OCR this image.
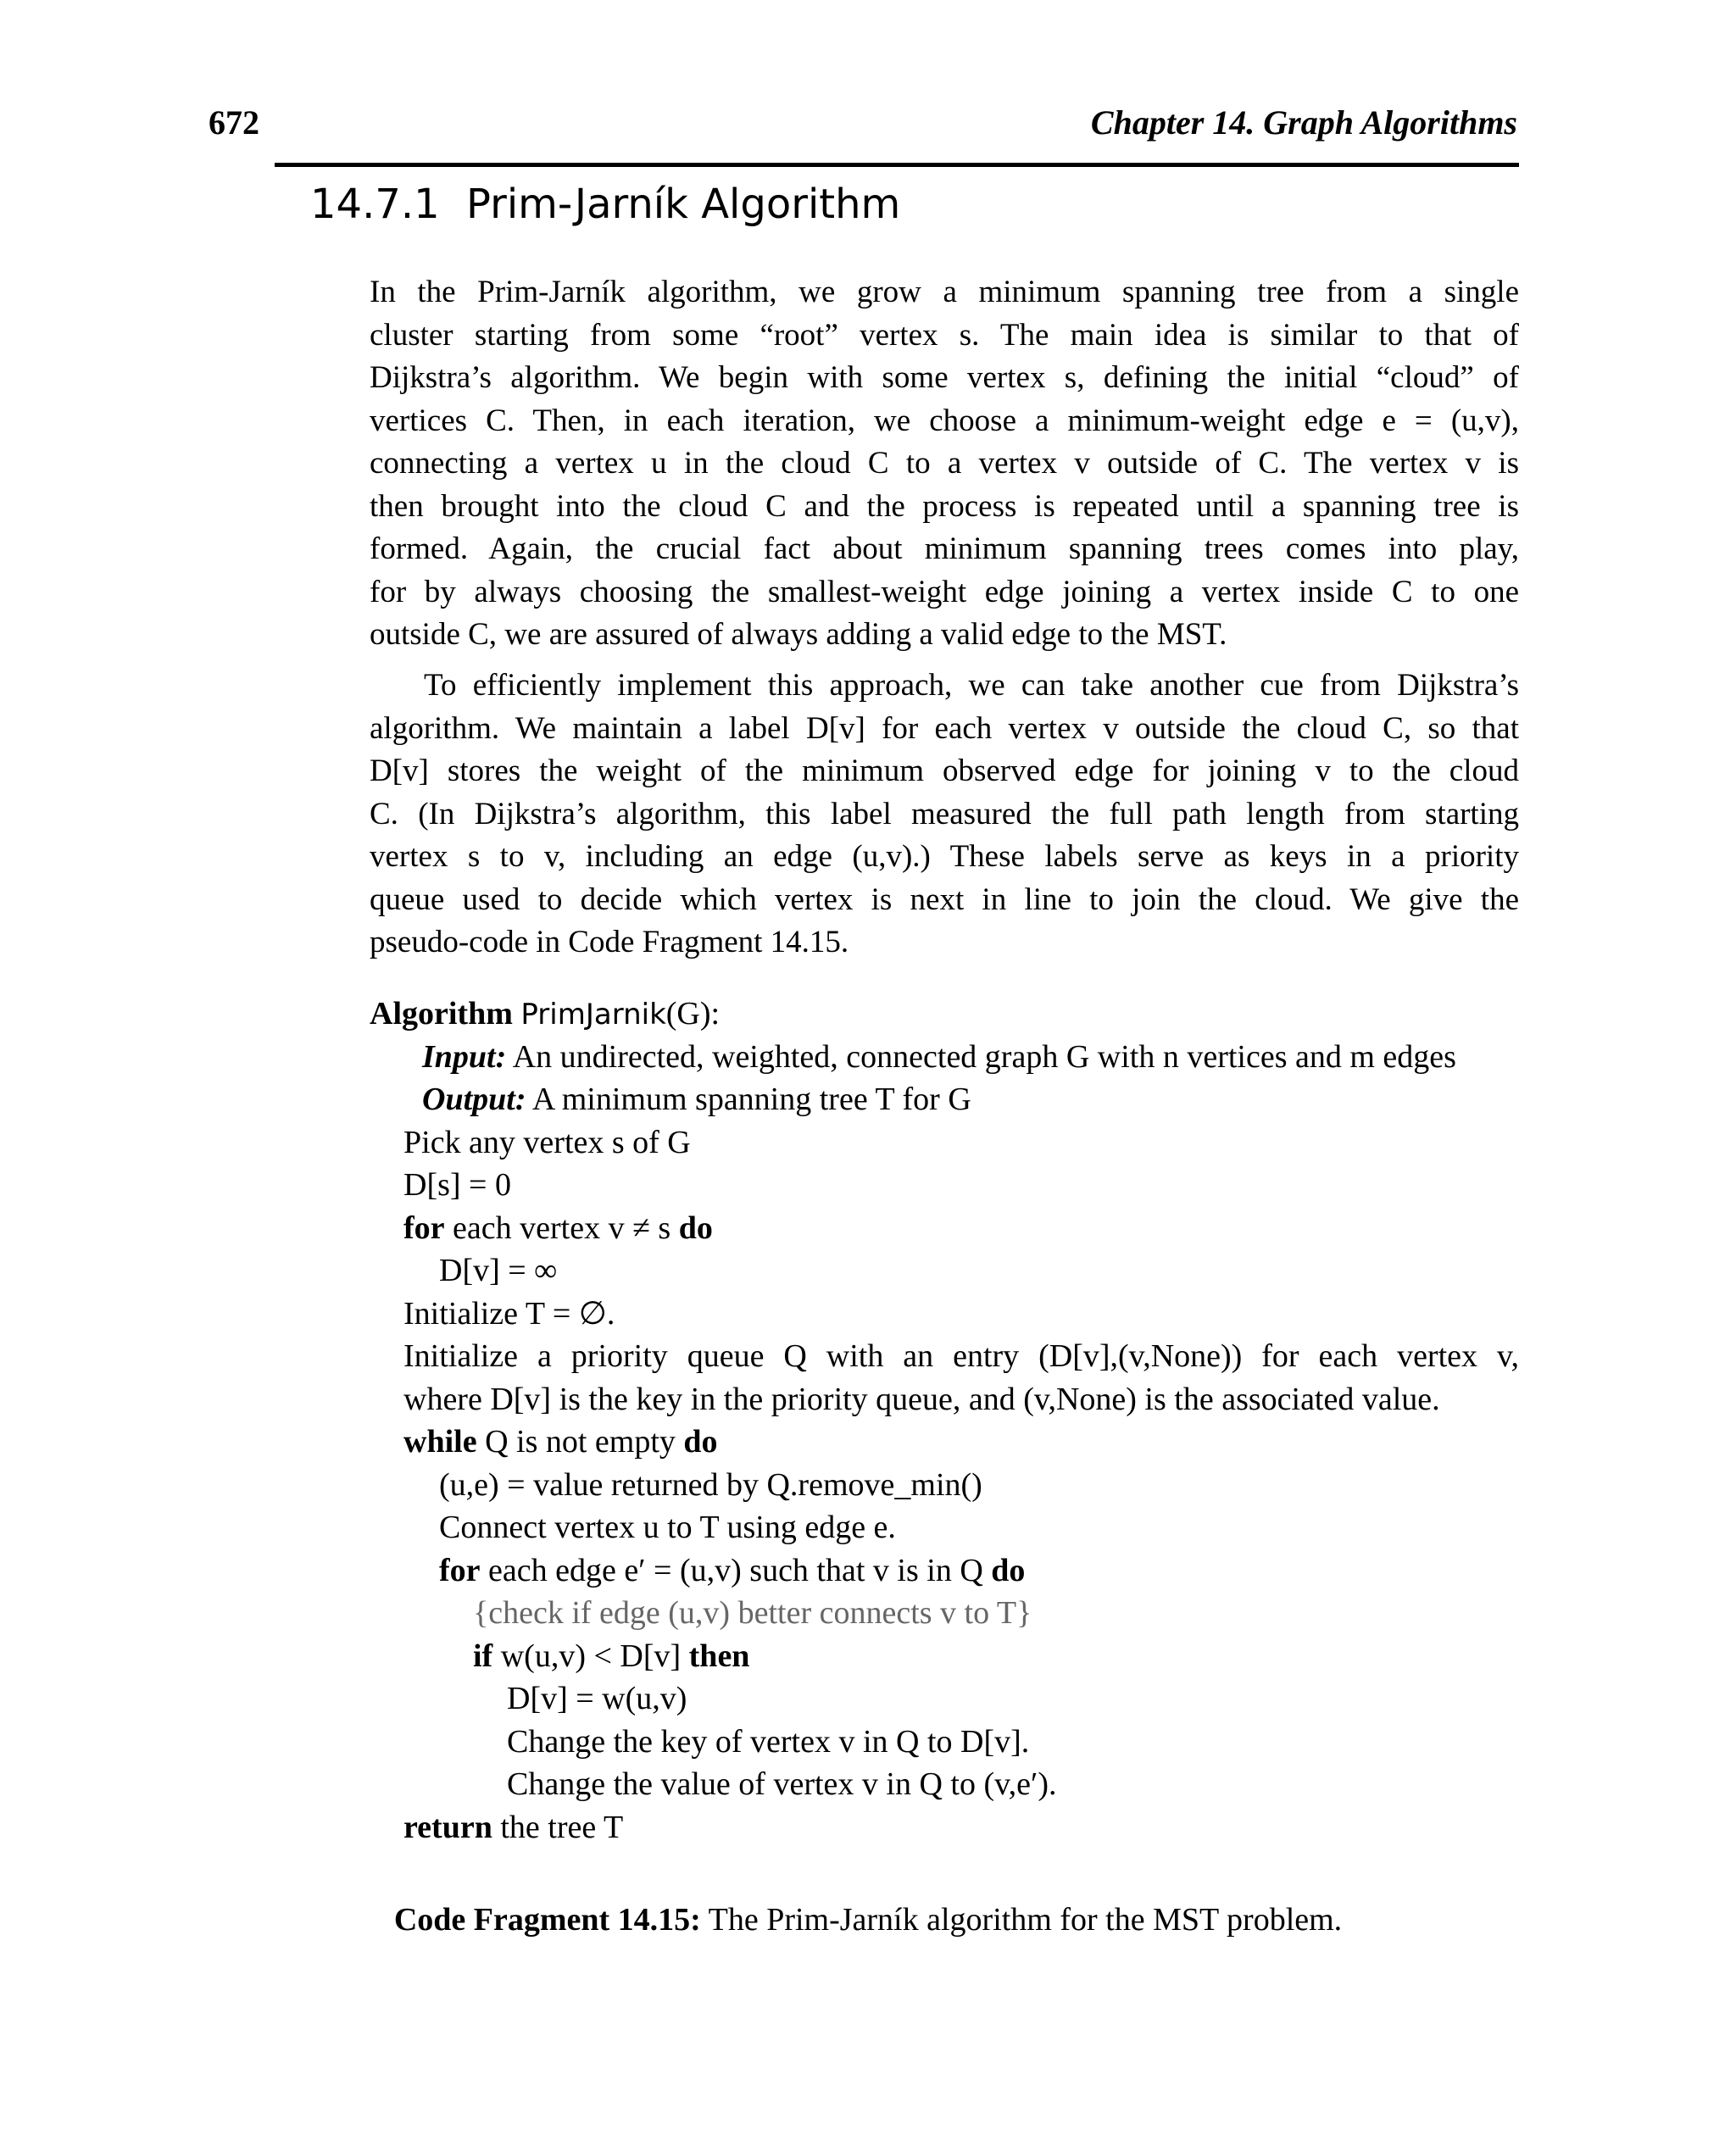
672	Chapter 14. Graph Algorithms
14.7.1 Prim-Jarník Algorithm
In the Prim-Jarník algorithm, we grow a minimum spanning tree from a single
cluster starting from some “root” vertex s. The main idea is similar to that of
Dijkstra’s algorithm. We begin with some vertex s, defining the initial “cloud” of
vertices C. Then, in each iteration, we choose a minimum-weight edge e = (u,v),
connecting a vertex u in the cloud C to a vertex v outside of C. The vertex v is
then brought into the cloud C and the process is repeated until a spanning tree is
formed. Again, the crucial fact about minimum spanning trees comes into play,
for by always choosing the smallest-weight edge joining a vertex inside C to one
outside C, we are assured of always adding a valid edge to the MST.
To efficiently implement this approach, we can take another cue from Dijkstra’s
algorithm. We maintain a label D[v] for each vertex v outside the cloud C, so that
D[v] stores the weight of the minimum observed edge for joining v to the cloud
C. (In Dijkstra’s algorithm, this label measured the full path length from starting
vertex s to v, including an edge (u,v).) These labels serve as keys in a priority
queue used to decide which vertex is next in line to join the cloud. We give the
pseudo-code in Code Fragment 14.15.
Algorithm PrimJarnik(G):
Input: An undirected, weighted, connected graph G with n vertices and m edges
Output: A minimum spanning tree T for G
Pick any vertex s of G
D[s] = 0
for each vertex v ≠ s do
D[v] = ∞
Initialize T = ∅.
Initialize a priority queue Q with an entry (D[v],(v,None)) for each vertex v,
where D[v] is the key in the priority queue, and (v,None) is the associated value.
while Q is not empty do
(u,e) = value returned by Q.remove_min()
Connect vertex u to T using edge e.
for each edge e′ = (u,v) such that v is in Q do
{check if edge (u,v) better connects v to T}
if w(u,v) < D[v] then
D[v] = w(u,v)
Change the key of vertex v in Q to D[v].
Change the value of vertex v in Q to (v,e′).
return the tree T
Code Fragment 14.15: The Prim-Jarník algorithm for the MST problem.
